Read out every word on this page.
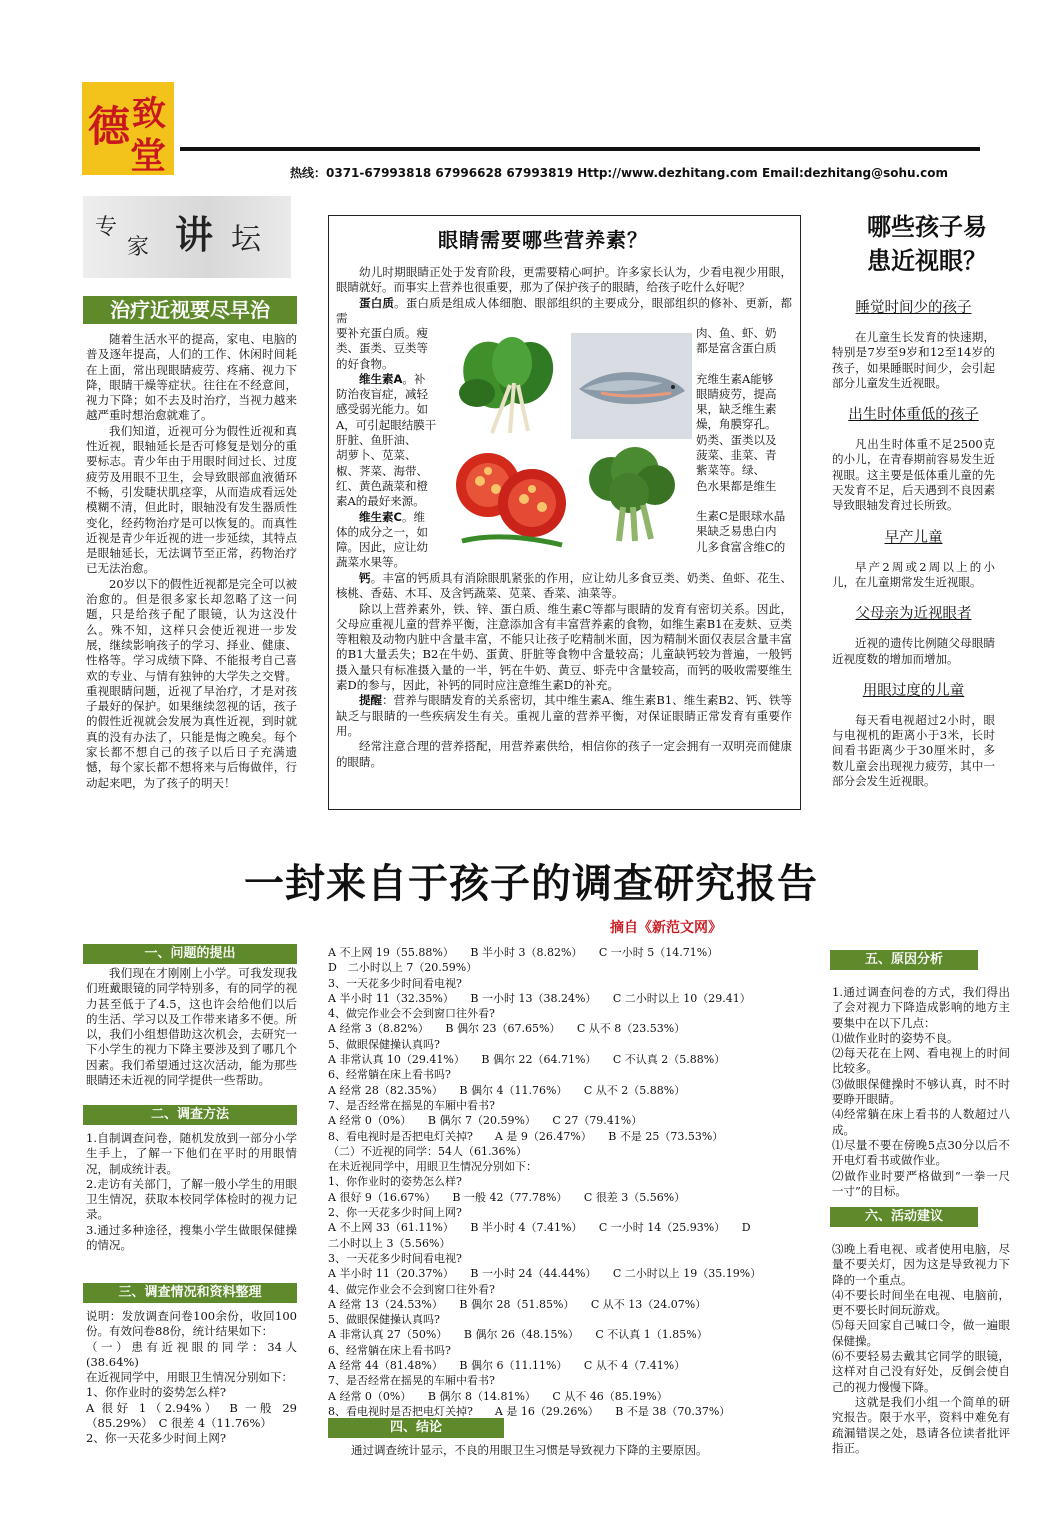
德 致
堂	热线：0371-67993818 67996628 67993819 Http://www.dezhitang.com Email:dezhitang@sohu.com
专
家 讲 坛
治疗近视要尽早治

随着生活水平的提高，家电、电脑的普及逐年提高，人们的工作、休闲时间耗在上面，常出现眼睛疲劳、疼痛、视力下降，眼睛干燥等症状。往往在不经意间，视力下降；如不去及时治疗，当视力越来越严重时想治愈就难了。

我们知道，近视可分为假性近视和真性近视，眼轴延长是否可修复是划分的重要标志。青少年由于用眼时间过长、过度疲劳及用眼不卫生，会导致眼部血液循环不畅，引发睫状肌痉挛，从而造成看远处模糊不清，但此时，眼轴没有发生器质性变化，经药物治疗是可以恢复的。而真性近视是青少年近视的进一步延续，其特点是眼轴延长，无法调节至正常，药物治疗已无法治愈。

20岁以下的假性近视都是完全可以被治愈的。但是很多家长却忽略了这一问题，只是给孩子配了眼镜，认为这没什么。殊不知，这样只会使近视进一步发展，继续影响孩子的学习、择业、健康、性格等。学习成绩下降、不能报考自己喜欢的专业、与情有独钟的大学失之交臂。重视眼睛问题，近视了早治疗，才是对孩子最好的保护。如果继续忽视的话，孩子的假性近视就会发展为真性近视，到时就真的没有办法了，只能是悔之晚矣。每个家长都不想自己的孩子以后日子充满遗憾，每个家长都不想将来与后悔做伴，行动起来吧，为了孩子的明天！

眼睛需要哪些营养素？

幼儿时期眼睛正处于发育阶段，更需要精心呵护。许多家长认为，少看电视少用眼，眼睛就好。而事实上营养也很重要，那为了保护孩子的眼睛，给孩子吃什么好呢？

蛋白质。蛋白质是组成人体细胞、眼部组织的主要成分，眼部组织的修补、更新，都需

要补充蛋白质。瘦
类、蛋类、豆类等
的好食物。
维生素A。补
防治夜盲症，减轻
感受弱光能力。如
A，可引起眼结膜干
肝脏、鱼肝油、
胡萝卜、苋菜、
椒、荠菜、海带、
红、黄色蔬菜和橙
素A的最好来源。
维生素C。维
体的成分之一，如
障。因此，应让幼
蔬菜水果等。
肉、鱼、虾、奶
都是富含蛋白质
充维生素A能够
眼睛疲劳，提高
果，缺乏维生素
燥，角膜穿孔。
奶类、蛋类以及
菠菜、韭菜、青
紫菜等。绿、
色水果都是维生
生素C是眼球水晶
果缺乏易患白内
儿多食富含维C的

钙。丰富的钙质具有消除眼肌紧张的作用，应让幼儿多食豆类、奶类、鱼虾、花生、核桃、香菇、木耳、及含钙蔬菜、苋菜、香菜、油菜等。

除以上营养素外，铁、锌、蛋白质、维生素C等都与眼睛的发育有密切关系。因此，父母应重视儿童的营养平衡，注意添加含有丰富营养素的食物，如维生素B1在麦麸、豆类等粗粮及动物内脏中含量丰富，不能只让孩子吃精制米面，因为精制米面仅表层含量丰富的B1大量丢失；B2在牛奶、蛋黄、肝脏等食物中含量较高；儿童缺钙较为普遍，一般钙摄入量只有标准摄入量的一半，钙在牛奶、黄豆、虾壳中含量较高，而钙的吸收需要维生素D的参与，因此，补钙的同时应注意维生素D的补充。

提醒：营养与眼睛发育的关系密切，其中维生素A、维生素B1、维生素B2、钙、铁等缺乏与眼睛的一些疾病发生有关。重视儿童的营养平衡，对保证眼睛正常发育有重要作用。

经常注意合理的营养搭配，用营养素供给，相信你的孩子一定会拥有一双明亮而健康的眼睛。

哪些孩子易
患近视眼？
睡觉时间少的孩子

在儿童生长发育的快速期，特别是7岁至9岁和12至14岁的孩子，如果睡眠时间少，会引起部分儿童发生近视眼。

出生时体重低的孩子

凡出生时体重不足2500克的小儿，在青春期前容易发生近视眼。这主要是低体重儿童的先天发育不足，后天遇到不良因素导致眼轴发育过长所致。

早产儿童

早产2周或2周以上的小儿，在儿童期常发生近视眼。

父母亲为近视眼者

近视的遗传比例随父母眼睛近视度数的增加而增加。

用眼过度的儿童

每天看电视超过2小时，眼与电视机的距离小于3米，长时间看书距离少于30厘米时，多数儿童会出现视力疲劳，其中一部分会发生近视眼。

一封来自于孩子的调查研究报告
摘自《新范文网》
一、问题的提出

我们现在才刚刚上小学。可我发现我们班戴眼镜的同学特别多，有的同学的视力甚至低于了4.5，这也许会给他们以后的生活、学习以及工作带来诸多不便。所以，我们小组想借助这次机会，去研究一下小学生的视力下降主要涉及到了哪几个因素。我们希望通过这次活动，能为那些眼睛还未近视的同学提供一些帮助。

二、调查方法

1.自制调查问卷，随机发放到一部分小学生手上，了解一下他们在平时的用眼情况，制成统计表。

2.走访有关部门，了解一般小学生的用眼卫生情况，获取本校同学体检时的视力记录。

3.通过多种途径，搜集小学生做眼保健操的情况。

三、调查情况和资料整理

说明：发放调查问卷100余份，收回100份。有效问卷88份，统计结果如下：

（一）患有近视眼的同学：34人(38.64%)

在近视同学中，用眼卫生情况分别如下：

1、你作业时的姿势怎么样?

A 很好 1（2.94%）　B 一般 29（85.29%）　C 很差 4（11.76%）

2、你一天花多少时间上网?

A 不上网 19（55.88%）　　B 半小时 3（8.82%）　　C 一小时 5（14.71%）
D　二小时以上 7（20.59%）
3、一天花多少时间看电视?
A 半小时 11（32.35%）　　B 一小时 13（38.24%）　　C 二小时以上 10（29.41）
4、做完作业会不会到窗口往外看?
A 经常 3（8.82%）　　B 偶尔 23（67.65%）　　C 从不 8（23.53%）
5、做眼保健操认真吗?
A 非常认真 10（29.41%）　　B 偶尔 22（64.71%）　　C 不认真 2（5.88%）
6、经常躺在床上看书吗?
A 经常 28（82.35%）　　B 偶尔 4（11.76%）　　C 从不 2（5.88%）
7、是否经常在摇晃的车厢中看书?
A 经常 0（0%）　　B 偶尔 7（20.59%）　　C 27（79.41%）
8、看电视时是否把电灯关掉?　　A 是 9（26.47%）　　B 不是 25（73.53%）
（二）不近视的同学：54人（61.36%）
在未近视同学中，用眼卫生情况分别如下：
1、你作业时的姿势怎么样?
A 很好 9（16.67%）　　B 一般 42（77.78%）　　C 很差 3（5.56%）
2、你一天花多少时间上网?
A 不上网 33（61.11%）　　B 半小时 4（7.41%）　　C 一小时 14（25.93%）　　D
二小时以上 3（5.56%）
3、一天花多少时间看电视?
A 半小时 11（20.37%）　　B 一小时 24（44.44%）　　C 二小时以上 19（35.19%）
4、做完作业会不会到窗口往外看?
A 经常 13（24.53%）　　B 偶尔 28（51.85%）　　C 从不 13（24.07%）
5、做眼保健操认真吗?
A 非常认真 27（50%）　　B 偶尔 26（48.15%）　　C 不认真 1（1.85%）
6、经常躺在床上看书吗?
A 经常 44（81.48%）　　B 偶尔 6（11.11%）　　C 从不 4（7.41%）
7、是否经常在摇晃的车厢中看书?
A 经常 0（0%）　　B 偶尔 8（14.81%）　　C 从不 46（85.19%）
8、看电视时是否把电灯关掉?　　A 是 16（29.26%）　　B 不是 38（70.37%）
四、结论
通过调查统计显示，不良的用眼卫生习惯是导致视力下降的主要原因。
五、原因分析

1.通过调查问卷的方式，我们得出了会对视力下降造成影响的地方主要集中在以下几点：

⑴做作业时的姿势不良。

⑵每天花在上网、看电视上的时间比较多。

⑶做眼保健操时不够认真，时不时要睁开眼睛。

⑷经常躺在床上看书的人数超过八成。

⑴尽量不要在傍晚5点30分以后不开电灯看书或做作业。

⑵做作业时要严格做到“一拳一尺一寸”的目标。

六、活动建议

⑶晚上看电视、或者使用电脑，尽量不要关灯，因为这是导致视力下降的一个重点。

⑷不要长时间坐在电视、电脑前，更不要长时间玩游戏。

⑸每天回家自己喊口令，做一遍眼保健操。

⑹不要轻易去戴其它同学的眼镜，这样对自己没有好处，反倒会使自己的视力慢慢下降。

这就是我们小组一个简单的研究报告。限于水平，资料中难免有疏漏错误之处，恳请各位读者批评指正。
